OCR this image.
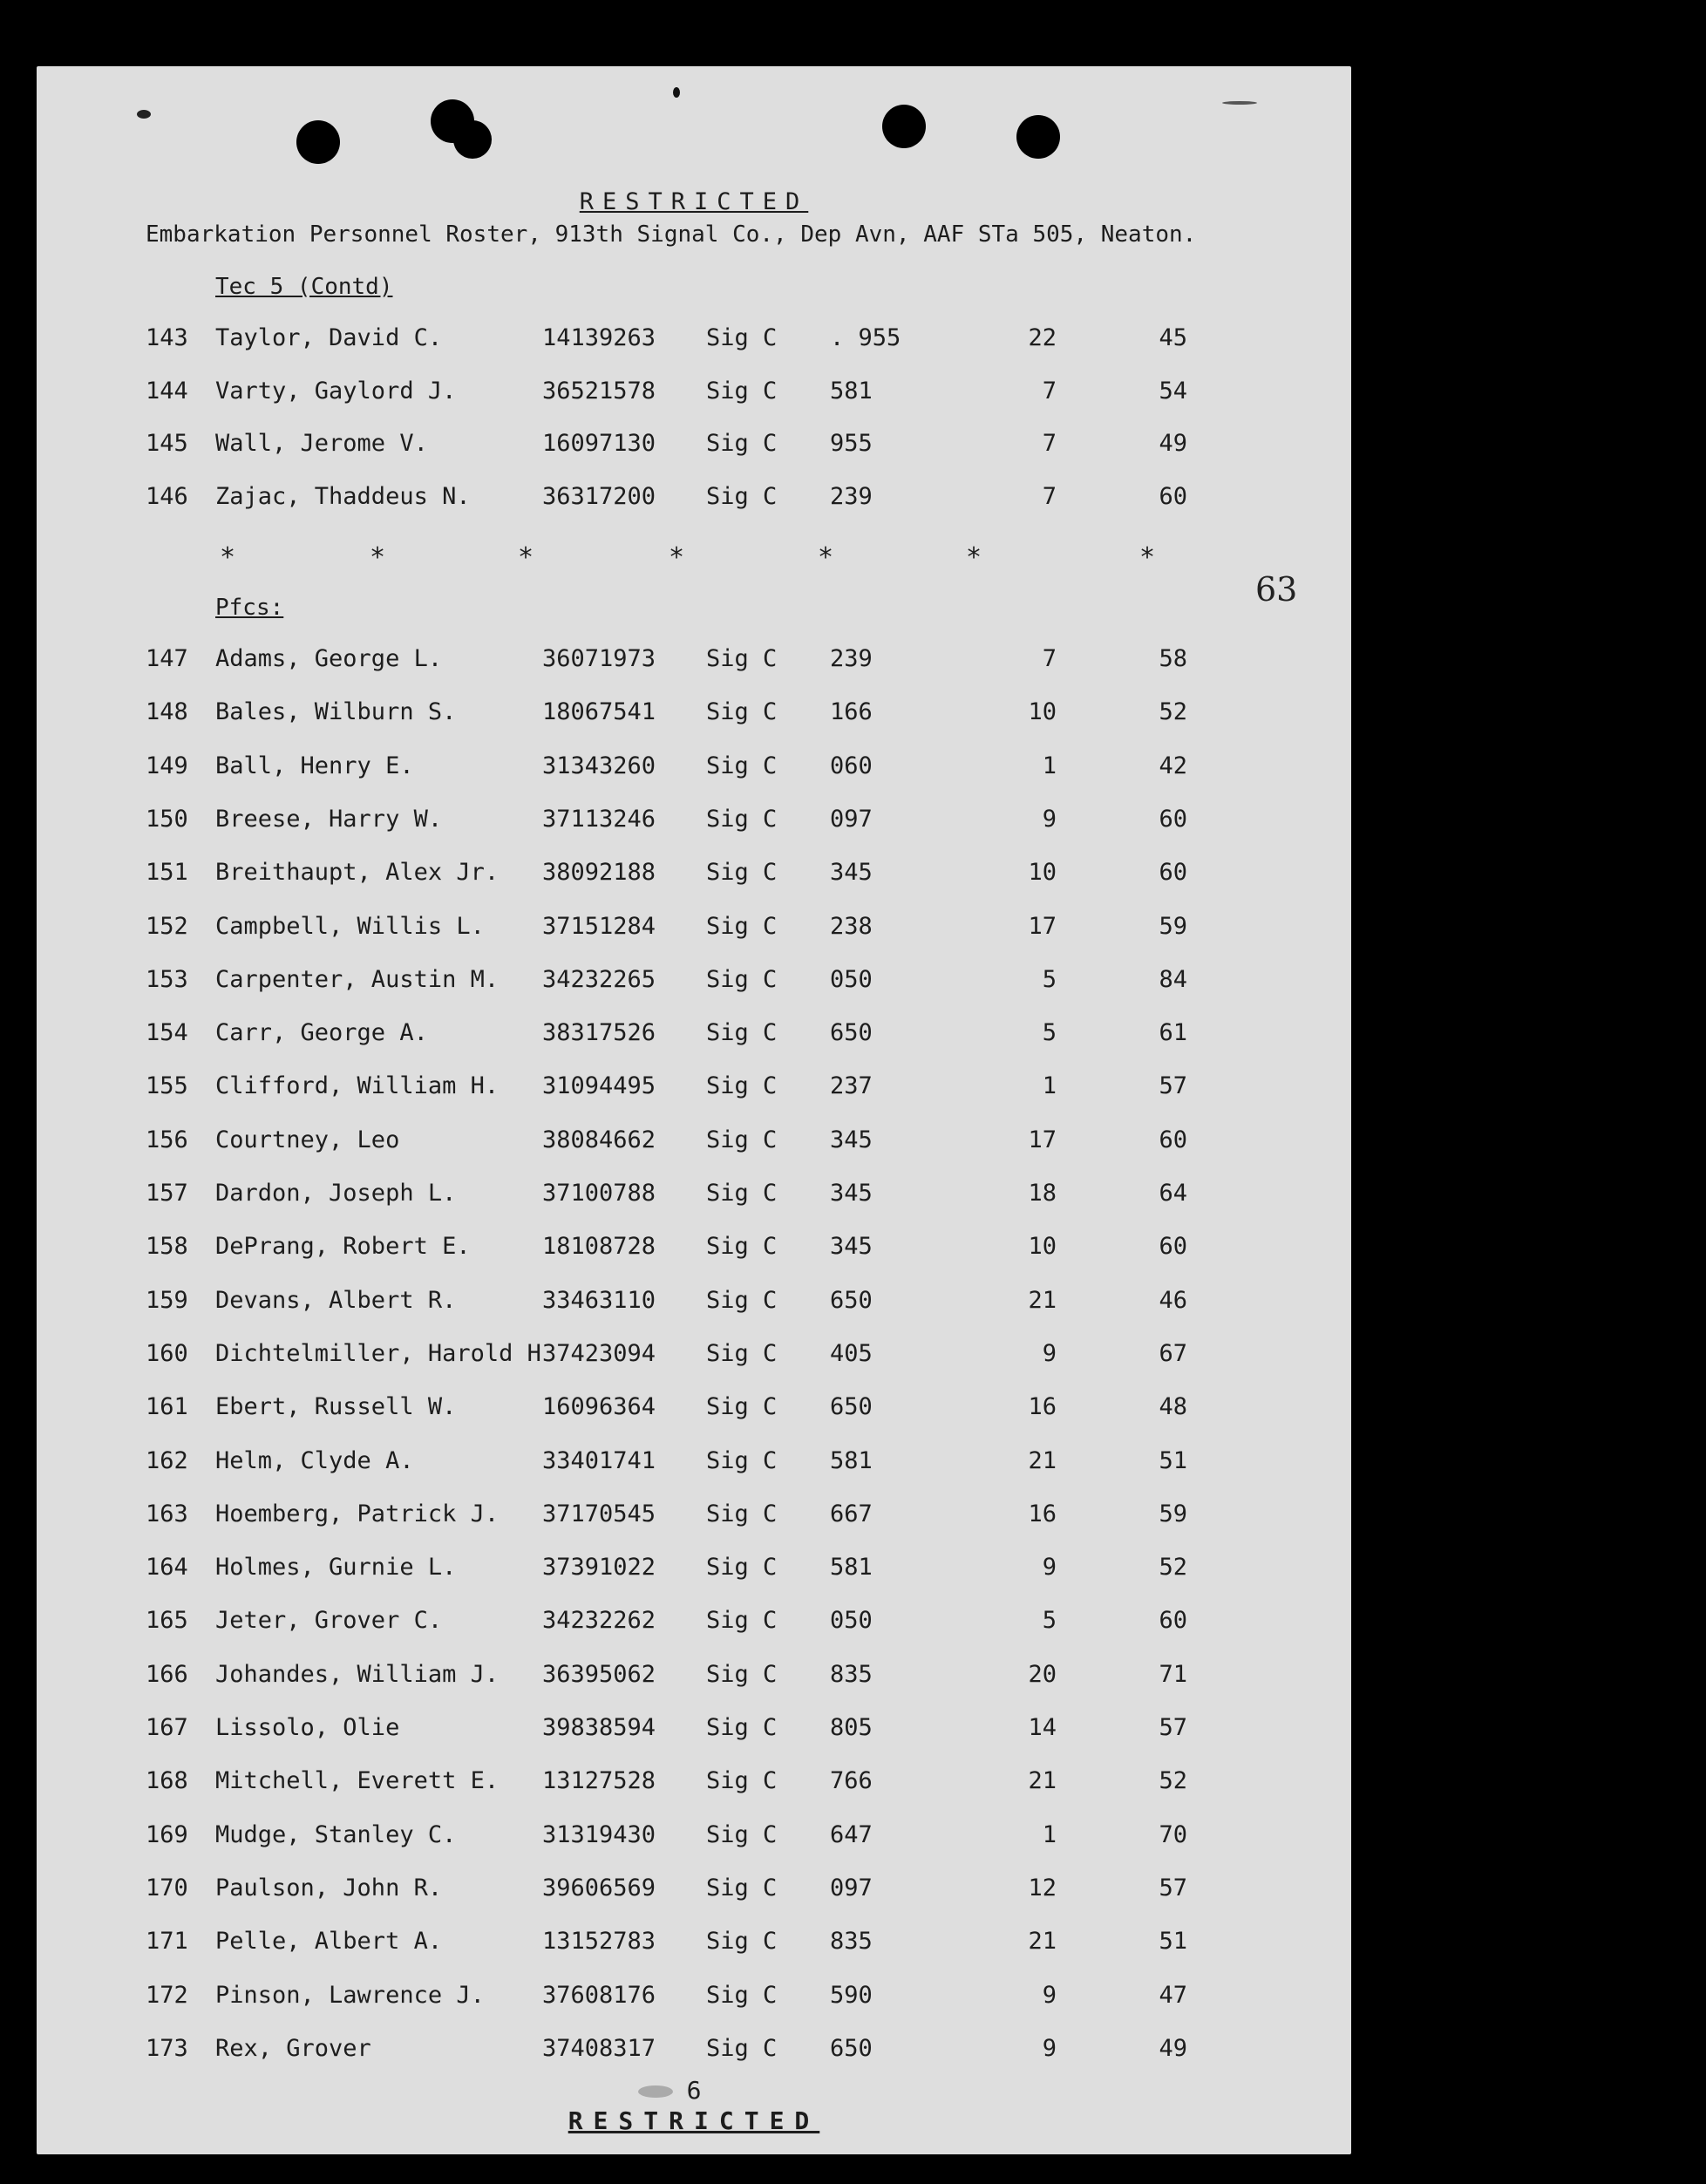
RESTRICTED
Embarkation Personnel Roster, 913th Signal Co., Dep Avn, AAF STa 505, Neaton.
Tec 5 (Contd)
143 Taylor, David C.	14139263 Sig C . 955	22	45
144 Varty, Gaylord J.	36521578 Sig C 581	7	54
145 Wall, Jerome V.	16097130 Sig C 955	7	49
146 Zajac, Thaddeus N.	36317200 Sig C 239	7	60
*	*	*	*	*	*	*
63
Pfcs:
147 Adams, George L.	36071973 Sig C 239	7	58
148 Bales, Wilburn S.	18067541 Sig C 166	10	52
149 Ball, Henry E.	31343260 Sig C 060	1	42
150 Breese, Harry W.	37113246 Sig C 097	9	60
151 Breithaupt, Alex Jr. 38092188 Sig C 345	10	60
152 Campbell, Willis L. 37151284 Sig C 238	17	59
153 Carpenter, Austin M. 34232265 Sig C 050	5	84
154 Carr, George A.	38317526 Sig C 650	5	61
155 Clifford, William H. 31094495 Sig C 237	1	57
156 Courtney, Leo	38084662 Sig C 345	17	60
157 Dardon, Joseph L.	37100788 Sig C 345	18	64
158 DePrang, Robert E.	18108728 Sig C 345	10	60
159 Devans, Albert R.	33463110 Sig C 650	21	46
160 Dichtelmiller, Harold H 37423094 Sig C 405	9	67
161 Ebert, Russell W.	16096364 Sig C 650	16	48
162 Helm, Clyde A.	33401741 Sig C 581	21	51
163 Hoemberg, Patrick J. 37170545 Sig C 667	16	59
164 Holmes, Gurnie L.	37391022 Sig C 581	9	52
165 Jeter, Grover C.	34232262 Sig C 050	5	60
166 Johandes, William J. 36395062 Sig C 835	20	71
167 Lissolo, Olie	39838594 Sig C 805	14	57
168 Mitchell, Everett E. 13127528 Sig C 766	21	52
169 Mudge, Stanley C.	31319430 Sig C 647	1	70
170 Paulson, John R.	39606569 Sig C 097	12	57
171 Pelle, Albert A.	13152783 Sig C 835	21	51
172 Pinson, Lawrence J. 37608176 Sig C 590	9	47
173 Rex, Grover	37408317 Sig C 650	9	49
6
RESTRICTED
